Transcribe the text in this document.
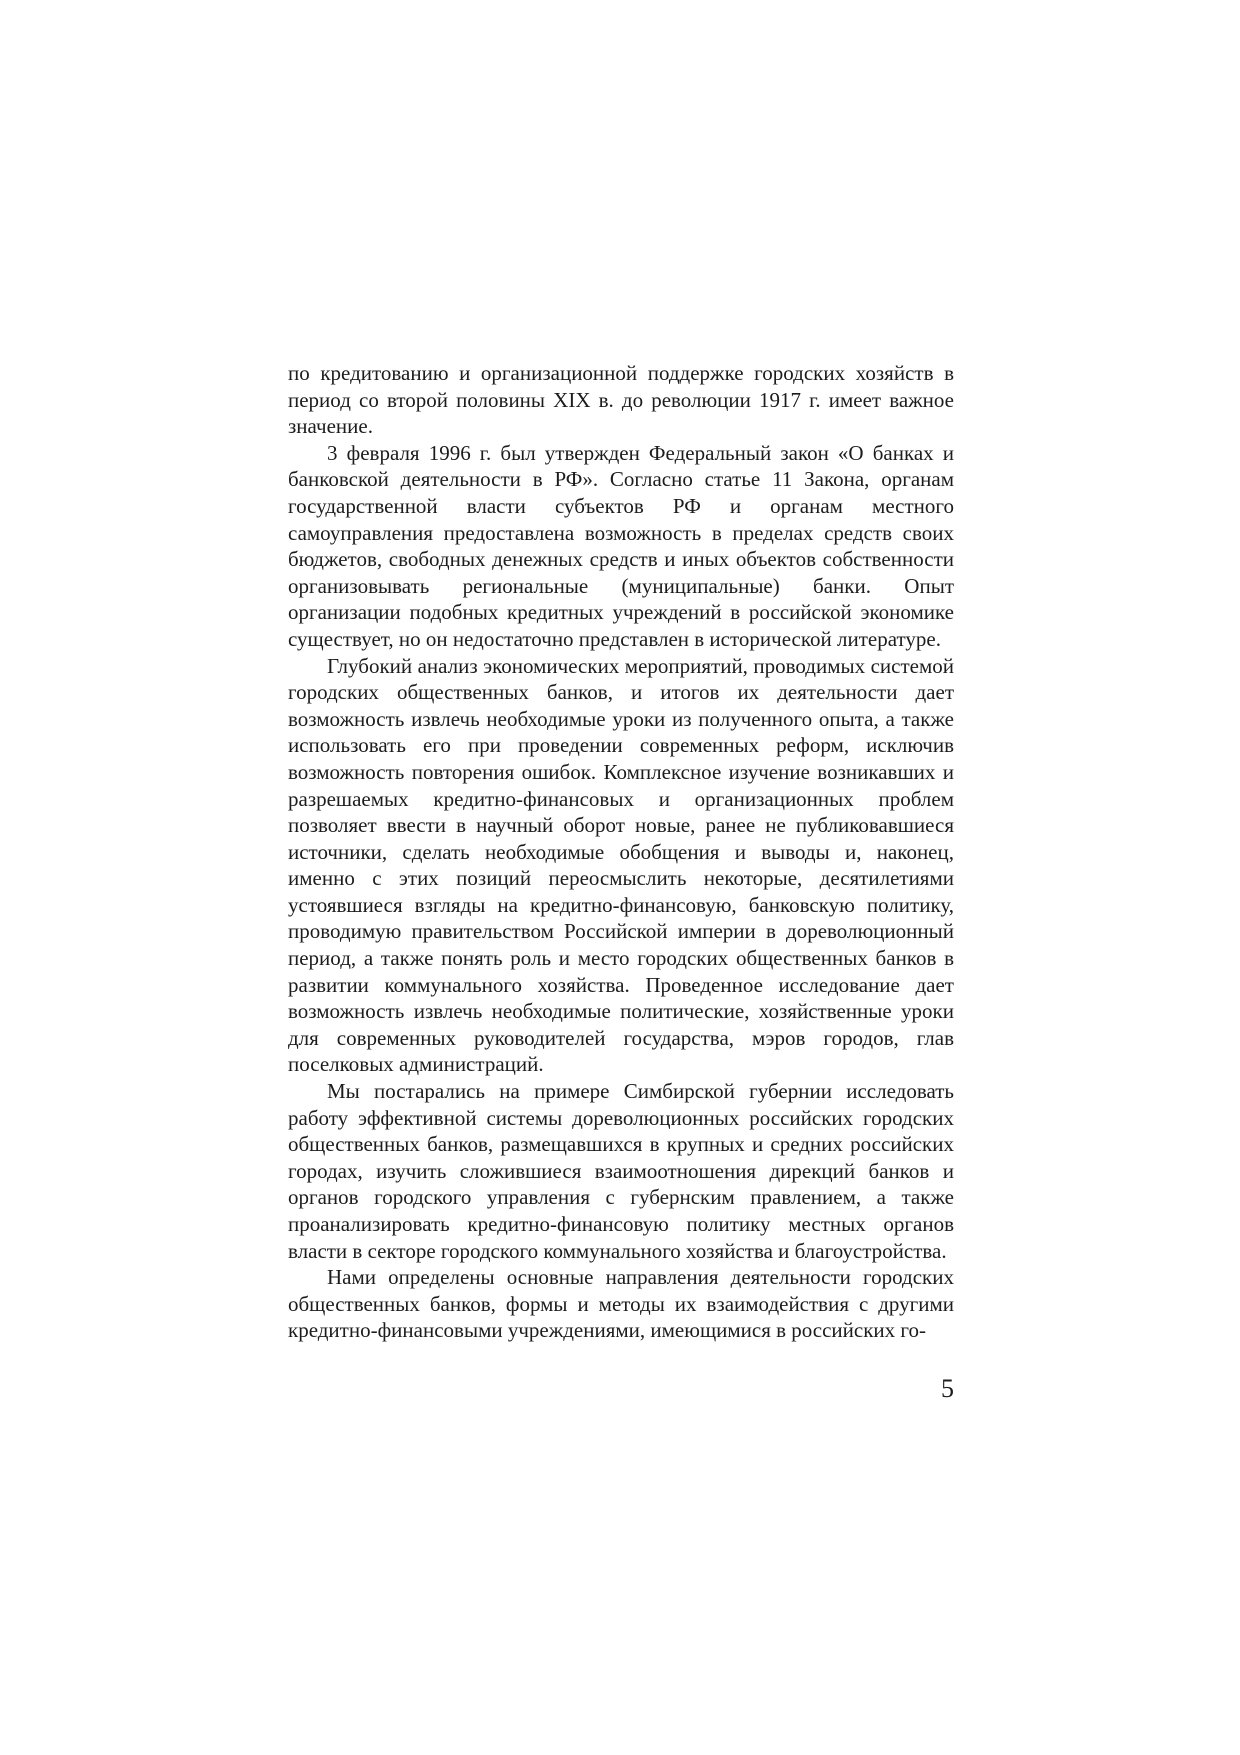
по кредитованию и организационной поддержке городских хозяйств в период со второй половины XIX в. до революции 1917 г. имеет важное значение.

3 февраля 1996 г. был утвержден Федеральный закон «О банках и банковской деятельности в РФ». Согласно статье 11 Закона, органам государственной власти субъектов РФ и органам местного самоуправления предоставлена возможность в пределах средств своих бюджетов, свободных денежных средств и иных объектов собственности организовывать региональные (муниципальные) банки. Опыт организации подобных кредитных учреждений в российской экономике существует, но он недостаточно представлен в исторической литературе.

Глубокий анализ экономических мероприятий, проводимых системой городских общественных банков, и итогов их деятельности дает возможность извлечь необходимые уроки из полученного опыта, а также использовать его при проведении современных реформ, исключив возможность повторения ошибок. Комплексное изучение возникавших и разрешаемых кредитно-финансовых и организационных проблем позволяет ввести в научный оборот новые, ранее не публиковавшиеся источники, сделать необходимые обобщения и выводы и, наконец, именно с этих позиций переосмыслить некоторые, десятилетиями устоявшиеся взгляды на кредитно-финансовую, банковскую политику, проводимую правительством Российской империи в дореволюционный период, а также понять роль и место городских общественных банков в развитии коммунального хозяйства. Проведенное исследование дает возможность извлечь необходимые политические, хозяйственные уроки для современных руководителей государства, мэров городов, глав поселковых администраций.

Мы постарались на примере Симбирской губернии исследовать работу эффективной системы дореволюционных российских городских общественных банков, размещавшихся в крупных и средних российских городах, изучить сложившиеся взаимоотношения дирекций банков и органов городского управления с губернским правлением, а также проанализировать кредитно-финансовую политику местных органов власти в секторе городского коммунального хозяйства и благоустройства.

Нами определены основные направления деятельности городских общественных банков, формы и методы их взаимодействия с другими кредитно-финансовыми учреждениями, имеющимися в российских го-

5
